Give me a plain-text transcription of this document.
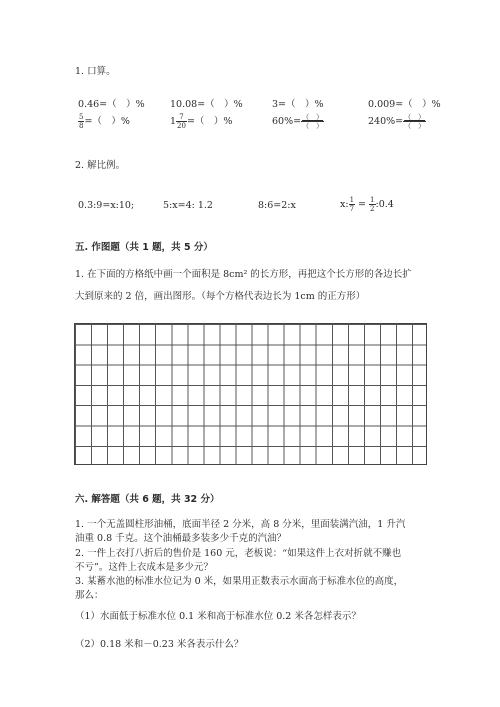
1. 口算。
0.46=（　）%	10.08=（　）%	3=（　）%	0.009=（　）%
$\frac{5}{8}$ =（　）%	$1 \frac{7}{20}$ =（　）%	$60\%= \frac{( )}{( )}$	$240\%= \frac{( )}{( )}$
2. 解比例。
0.3:9=x:10;	5:x=4: 1.2	8:6=2:x	x: $\frac{1}{7} = \frac{1}{2}$ :0.4
五. 作图题（共 1 题，共 5 分）
1. 在下面的方格纸中画一个面积是 8cm² 的长方形，再把这个长方形的各边长扩
大到原来的 2 倍，画出图形。（每个方格代表边长为 1cm 的正方形）
六. 解答题（共 6 题，共 32 分）
1. 一个无盖圆柱形油桶，底面半径 2 分米，高 8 分米，里面装满汽油，1 升汽
油重 0.8 千克。这个油桶最多装多少千克的汽油？
2. 一件上衣打八折后的售价是 160 元，老板说：“如果这件上衣对折就不赚也
不亏”。这件上衣成本是多少元？
3. 某蓄水池的标准水位记为 0 米，如果用正数表示水面高于标准水位的高度，
那么：
（1）水面低于标准水位 0.1 米和高于标准水位 0.2 米各怎样表示？
（2）0.18 米和－0.23 米各表示什么？
